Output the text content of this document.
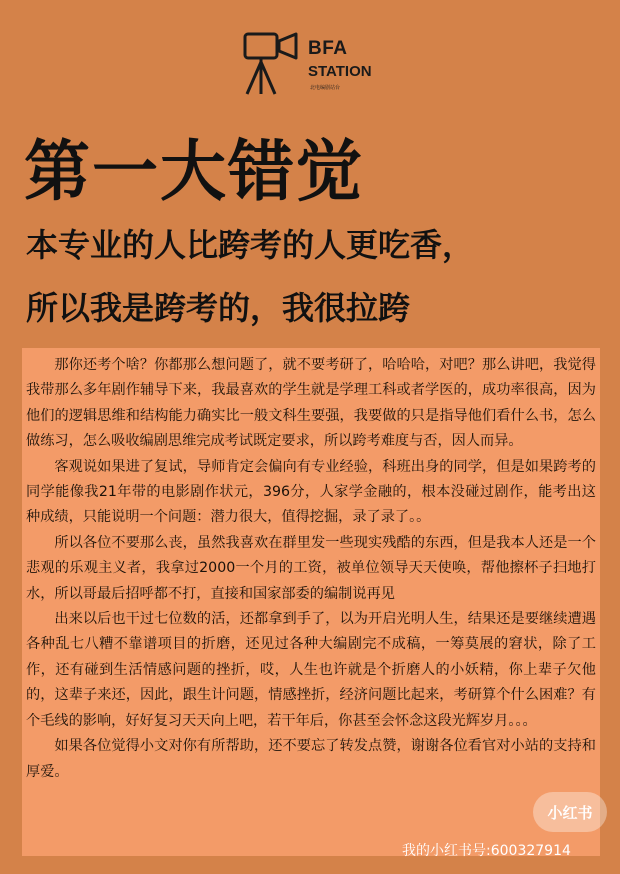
BFA
STATION
北电编剧站台
第一大错觉
本专业的人比跨考的人更吃香，
所以我是跨考的，我很拉跨

那你还考个啥？你都那么想问题了，就不要考研了，哈哈哈，对吧？那么讲吧，我觉得我带那么多年剧作辅导下来，我最喜欢的学生就是学理工科或者学医的，成功率很高，因为他们的逻辑思维和结构能力确实比一般文科生要强，我要做的只是指导他们看什么书，怎么做练习，怎么吸收编剧思维完成考试既定要求，所以跨考难度与否，因人而异。

客观说如果进了复试，导师肯定会偏向有专业经验，科班出身的同学，但是如果跨考的同学能像我21年带的电影剧作状元，396分，人家学金融的，根本没碰过剧作，能考出这种成绩，只能说明一个问题：潜力很大，值得挖掘，录了录了。。

所以各位不要那么丧，虽然我喜欢在群里发一些现实残酷的东西，但是我本人还是一个悲观的乐观主义者，我拿过2000一个月的工资，被单位领导天天使唤，帮他擦杯子扫地打水，所以哥最后招呼都不打，直接和国家部委的编制说再见

出来以后也干过七位数的活，还都拿到手了，以为开启光明人生，结果还是要继续遭遇各种乱七八糟不靠谱项目的折磨，还见过各种大编剧完不成稿，一筹莫展的窘状，除了工作，还有碰到生活情感问题的挫折，哎，人生也许就是个折磨人的小妖精，你上辈子欠他的，这辈子来还，因此，跟生计问题，情感挫折，经济问题比起来，考研算个什么困难？有个毛线的影响，好好复习天天向上吧，若干年后，你甚至会怀念这段光辉岁月。。。

如果各位觉得小文对你有所帮助，还不要忘了转发点赞，谢谢各位看官对小站的支持和厚爱。

小红书
我的小红书号:600327914
